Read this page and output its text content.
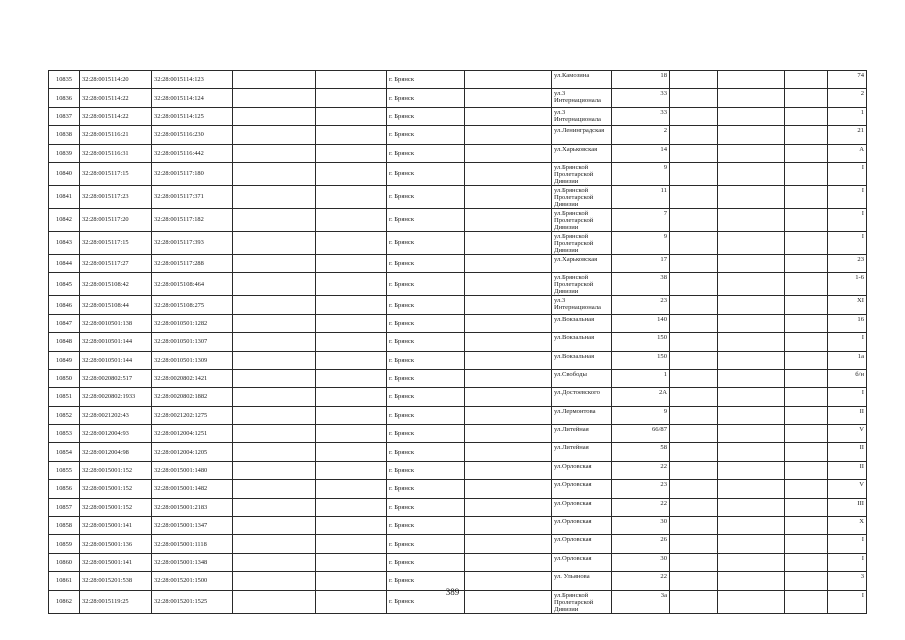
10835	32:28:0015114:20	32:28:0015114:123			г. Брянск		ул.Камозина	18				74
10836	32:28:0015114:22	32:28:0015114:124			г. Брянск		ул.3 Интернационала	33				2
10837	32:28:0015114:22	32:28:0015114:125			г. Брянск		ул.3 Интернационала	33				1
10838	32:28:0015116:21	32:28:0015116:230			г. Брянск		ул.Ленинградская	2				21
10839	32:28:0015116:31	32:28:0015116:442			г. Брянск		ул.Харьковская	14				А
10840	32:28:0015117:15	32:28:0015117:180			г. Брянск		ул.Брянской Пролетарской Дивизии	9				I
10841	32:28:0015117:23	32:28:0015117:371			г. Брянск		ул.Брянской Пролетарской Дивизии	11				I
10842	32:28:0015117:20	32:28:0015117:182			г. Брянск		ул.Брянской Пролетарской Дивизии	7				I
10843	32:28:0015117:15	32:28:0015117:393			г. Брянск		ул.Брянской Пролетарской Дивизии	9				I
10844	32:28:0015117:27	32:28:0015117:288			г. Брянск		ул.Харьковская	17				23
10845	32:28:0015108:42	32:28:0015108:464			г. Брянск		ул.Брянской Пролетарской Дивизии	38				1-6
10846	32:28:0015108:44	32:28:0015108:275			г. Брянск		ул.3 Интернационала	23				XI
10847	32:28:0010501:138	32:28:0010501:1282			г. Брянск		ул.Вокзальная	140				16
10848	32:28:0010501:144	32:28:0010501:1307			г. Брянск		ул.Вокзальная	150				I
10849	32:28:0010501:144	32:28:0010501:1309			г. Брянск		ул.Вокзальная	150				1а
10850	32:28:0020802:517	32:28:0020802:1421			г. Брянск		ул.Свободы	1				б/н
10851	32:28:0020802:1933	32:28:0020802:1882			г. Брянск		ул.Достоевского	2А				I
10852	32:28:0021202:43	32:28:0021202:1275			г. Брянск		ул.Лермонтова	9				II
10853	32:28:0012004:93	32:28:0012004:1251			г. Брянск		ул.Литейная	66/87				V
10854	32:28:0012004:98	32:28:0012004:1205			г. Брянск		ул.Литейная	58				II
10855	32:28:0015001:152	32:28:0015001:1480			г. Брянск		ул.Орловская	22				II
10856	32:28:0015001:152	32:28:0015001:1482			г. Брянск		ул.Орловская	23				V
10857	32:28:0015001:152	32:28:0015001:2183			г. Брянск		ул.Орловская	22				III
10858	32:28:0015001:141	32:28:0015001:1347			г. Брянск		ул.Орловская	30				X
10859	32:28:0015001:136	32:28:0015001:1118			г. Брянск		ул.Орловская	26				I
10860	32:28:0015001:141	32:28:0015001:1348			г. Брянск		ул.Орловская	30				I
10861	32:28:0015201:538	32:28:0015201:1500			г. Брянск		ул. Ульянова	22				3
10862	32:28:0015119:25	32:28:0015201:1525			г. Брянск		ул.Брянской Пролетарской Дивизии	3а				I
389
